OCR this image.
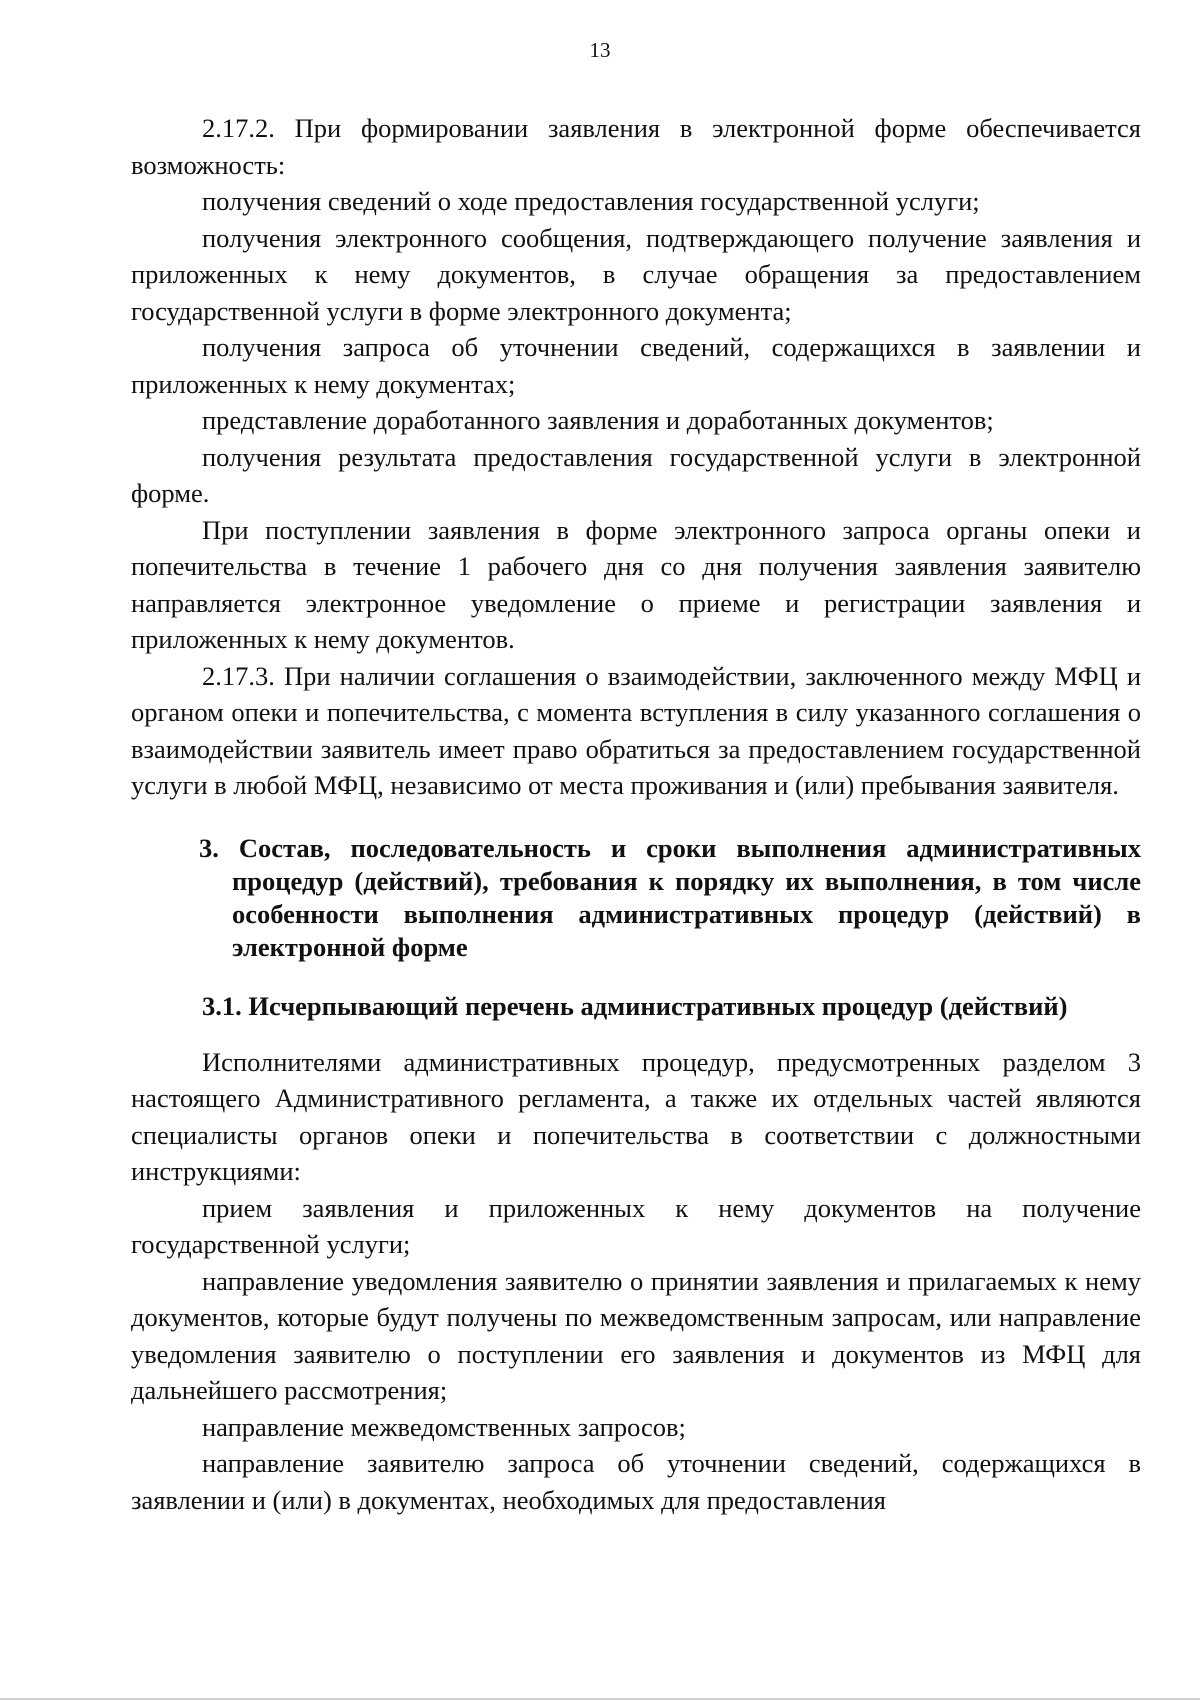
13

2.17.2. При формировании заявления в электронной форме обеспечивается возможность:

получения сведений о ходе предоставления государственной услуги;

получения электронного сообщения, подтверждающего получение заявления и приложенных к нему документов, в случае обращения за предоставлением государственной услуги в форме электронного документа;

получения запроса об уточнении сведений, содержащихся в заявлении и приложенных к нему документах;

представление доработанного заявления и доработанных документов;

получения результата предоставления государственной услуги в электронной форме.

При поступлении заявления в форме электронного запроса органы опеки и попечительства в течение 1 рабочего дня со дня получения заявления заявителю направляется электронное уведомление о приеме и регистрации заявления и приложенных к нему документов.

2.17.3. При наличии соглашения о взаимодействии, заключенного между МФЦ и органом опеки и попечительства, с момента вступления в силу указанного соглашения о взаимодействии заявитель имеет право обратиться за предоставлением государственной услуги в любой МФЦ, независимо от места проживания и (или) пребывания заявителя.

3. Состав, последовательность и сроки выполнения административных процедур (действий), требования к порядку их выполнения, в том числе особенности выполнения административных процедур (действий) в электронной форме

3.1. Исчерпывающий перечень административных процедур (действий)

Исполнителями административных процедур, предусмотренных разделом 3 настоящего Административного регламента, а также их отдельных частей являются специалисты органов опеки и попечительства в соответствии с должностными инструкциями:

прием заявления и приложенных к нему документов на получение государственной услуги;

направление уведомления заявителю о принятии заявления и прилагаемых к нему документов, которые будут получены по межведомственным запросам, или направление уведомления заявителю о поступлении его заявления и документов из МФЦ для дальнейшего рассмотрения;

направление межведомственных запросов;

направление заявителю запроса об уточнении сведений, содержащихся в заявлении и (или) в документах, необходимых для предоставления
